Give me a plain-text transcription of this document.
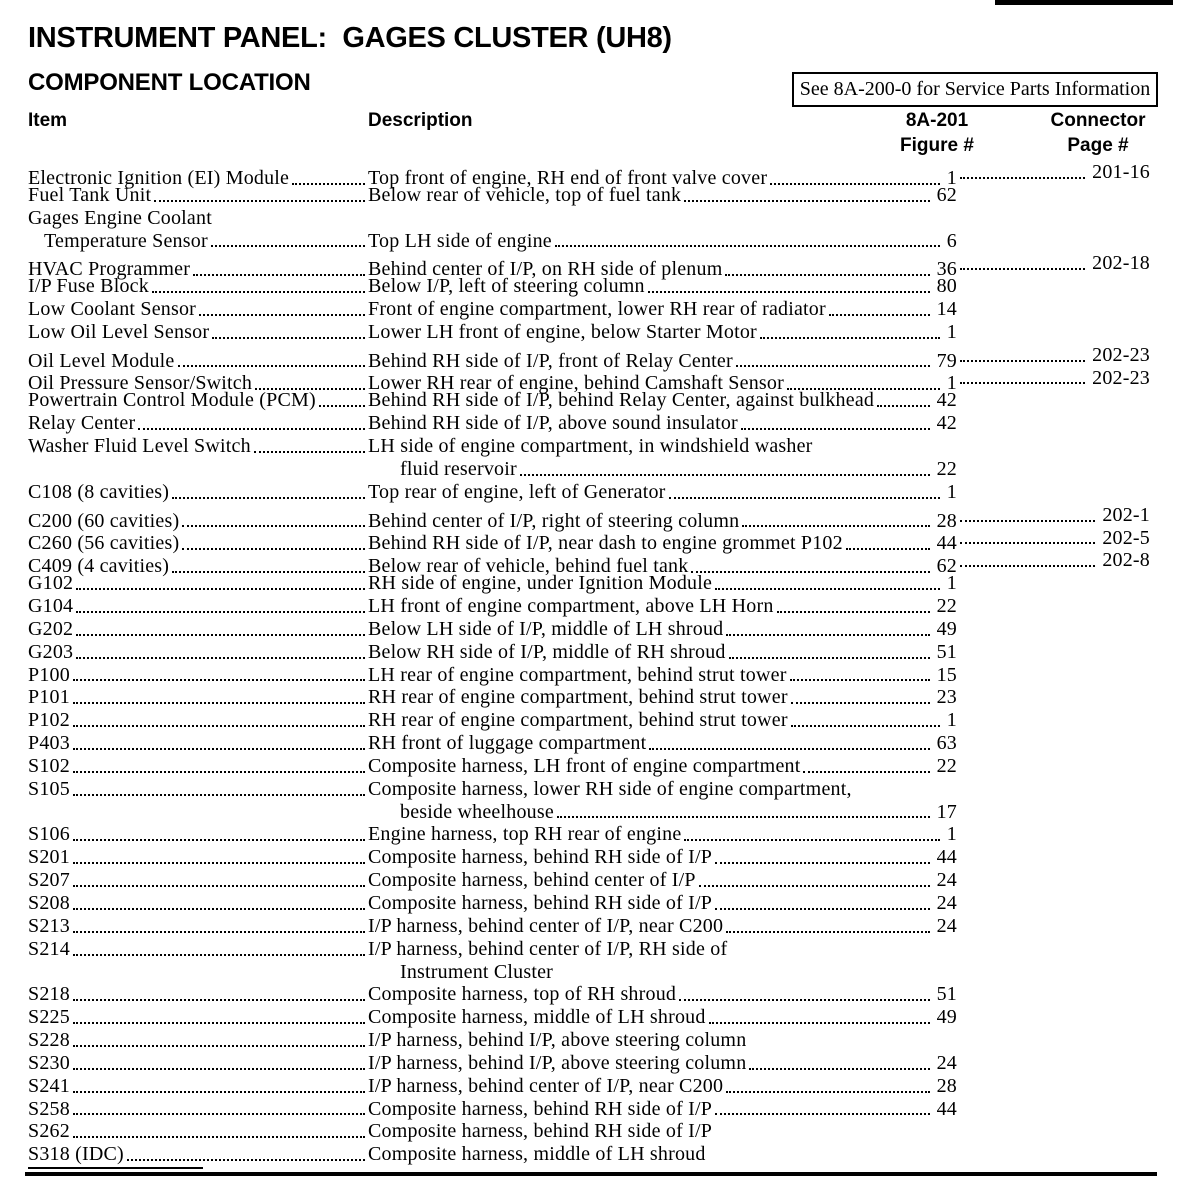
INSTRUMENT PANEL:  GAGES CLUSTER (UH8)
COMPONENT LOCATION	See 8A-200-0 for Service Parts Information
Item	Description	8A-201
Figure #
Connector
Page #
Electronic Ignition (EI) Module	Top front of engine, RH end of front valve cover	1	201-16
Fuel Tank Unit	Below rear of vehicle, top of fuel tank	62
Gages Engine Coolant
Temperature Sensor	Top LH side of engine	6
HVAC Programmer	Behind center of I/P, on RH side of plenum	36	202-18
I/P Fuse Block	Below I/P, left of steering column	80
Low Coolant Sensor	Front of engine compartment, lower RH rear of radiator	14
Low Oil Level Sensor	Lower LH front of engine, below Starter Motor	1
Oil Level Module	Behind RH side of I/P, front of Relay Center	79	202-23
Oil Pressure Sensor/Switch	Lower RH rear of engine, behind Camshaft Sensor	1	202-23
Powertrain Control Module (PCM)	Behind RH side of I/P, behind Relay Center, against bulkhead	42
Relay Center	Behind RH side of I/P, above sound insulator	42
Washer Fluid Level Switch	LH side of engine compartment, in windshield washer
fluid reservoir	22
C108 (8 cavities)	Top rear of engine, left of Generator	1
C200 (60 cavities)	Behind center of I/P, right of steering column	28	202-1
C260 (56 cavities)	Behind RH side of I/P, near dash to engine grommet P102	44	202-5
C409 (4 cavities)	Below rear of vehicle, behind fuel tank	62	202-8
G102	RH side of engine, under Ignition Module	1
G104	LH front of engine compartment, above LH Horn	22
G202	Below LH side of I/P, middle of LH shroud	49
G203	Below RH side of I/P, middle of RH shroud	51
P100	LH rear of engine compartment, behind strut tower	15
P101	RH rear of engine compartment, behind strut tower	23
P102	RH rear of engine compartment, behind strut tower	1
P403	RH front of luggage compartment	63
S102	Composite harness, LH front of engine compartment	22
S105	Composite harness, lower RH side of engine compartment,
beside wheelhouse	17
S106	Engine harness, top RH rear of engine	1
S201	Composite harness, behind RH side of I/P	44
S207	Composite harness, behind center of I/P	24
S208	Composite harness, behind RH side of I/P	24
S213	I/P harness, behind center of I/P, near C200	24
S214	I/P harness, behind center of I/P, RH side of
Instrument Cluster
S218	Composite harness, top of RH shroud	51
S225	Composite harness, middle of LH shroud	49
S228	I/P harness, behind I/P, above steering column
S230	I/P harness, behind I/P, above steering column	24
S241	I/P harness, behind center of I/P, near C200	28
S258	Composite harness, behind RH side of I/P	44
S262	Composite harness, behind RH side of I/P
S318 (IDC)	Composite harness, middle of LH shroud
